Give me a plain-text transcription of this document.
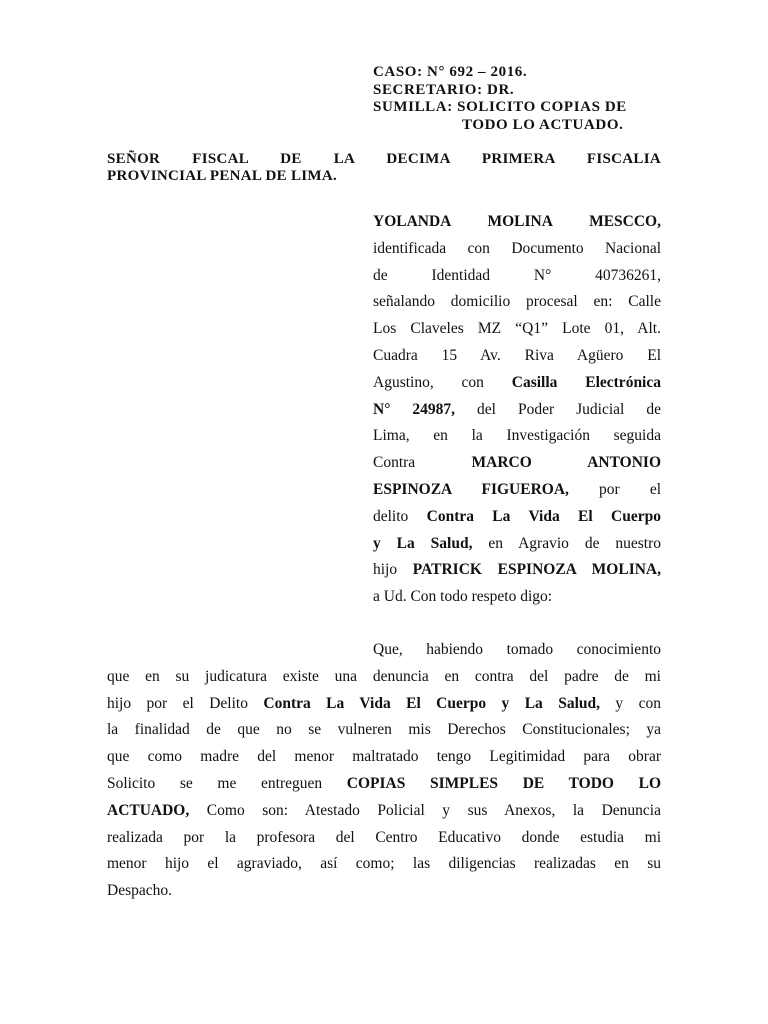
CASO: N° 692 – 2016.
SECRETARIO: DR.
SUMILLA: SOLICITO COPIAS DE
TODO LO ACTUADO.
SEÑOR FISCAL DE LA DECIMA PRIMERA FISCALIA
PROVINCIAL PENAL DE LIMA.
YOLANDA MOLINA MESCCO,
identificada con Documento Nacional
de Identidad N° 40736261,
señalando domicilio procesal en: Calle
Los Claveles MZ “Q1” Lote 01, Alt.
Cuadra 15 Av. Riva Agüero El
Agustino, con Casilla Electrónica
N° 24987, del Poder Judicial de
Lima, en la Investigación seguida
Contra MARCO ANTONIO
ESPINOZA FIGUEROA, por el
delito Contra La Vida El Cuerpo
y La Salud, en Agravio de nuestro
hijo PATRICK ESPINOZA MOLINA,
a Ud. Con todo respeto digo:
Que, habiendo tomado conocimiento
que en su judicatura existe una denuncia en contra del padre de mi
hijo por el Delito Contra La Vida El Cuerpo y La Salud, y con
la finalidad de que no se vulneren mis Derechos Constitucionales; ya
que como madre del menor maltratado tengo Legitimidad para obrar
Solicito se me entreguen COPIAS SIMPLES DE TODO LO
ACTUADO, Como son: Atestado Policial y sus Anexos, la Denuncia
realizada por la profesora del Centro Educativo donde estudia mi
menor hijo el agraviado, así como; las diligencias realizadas en su
Despacho.
